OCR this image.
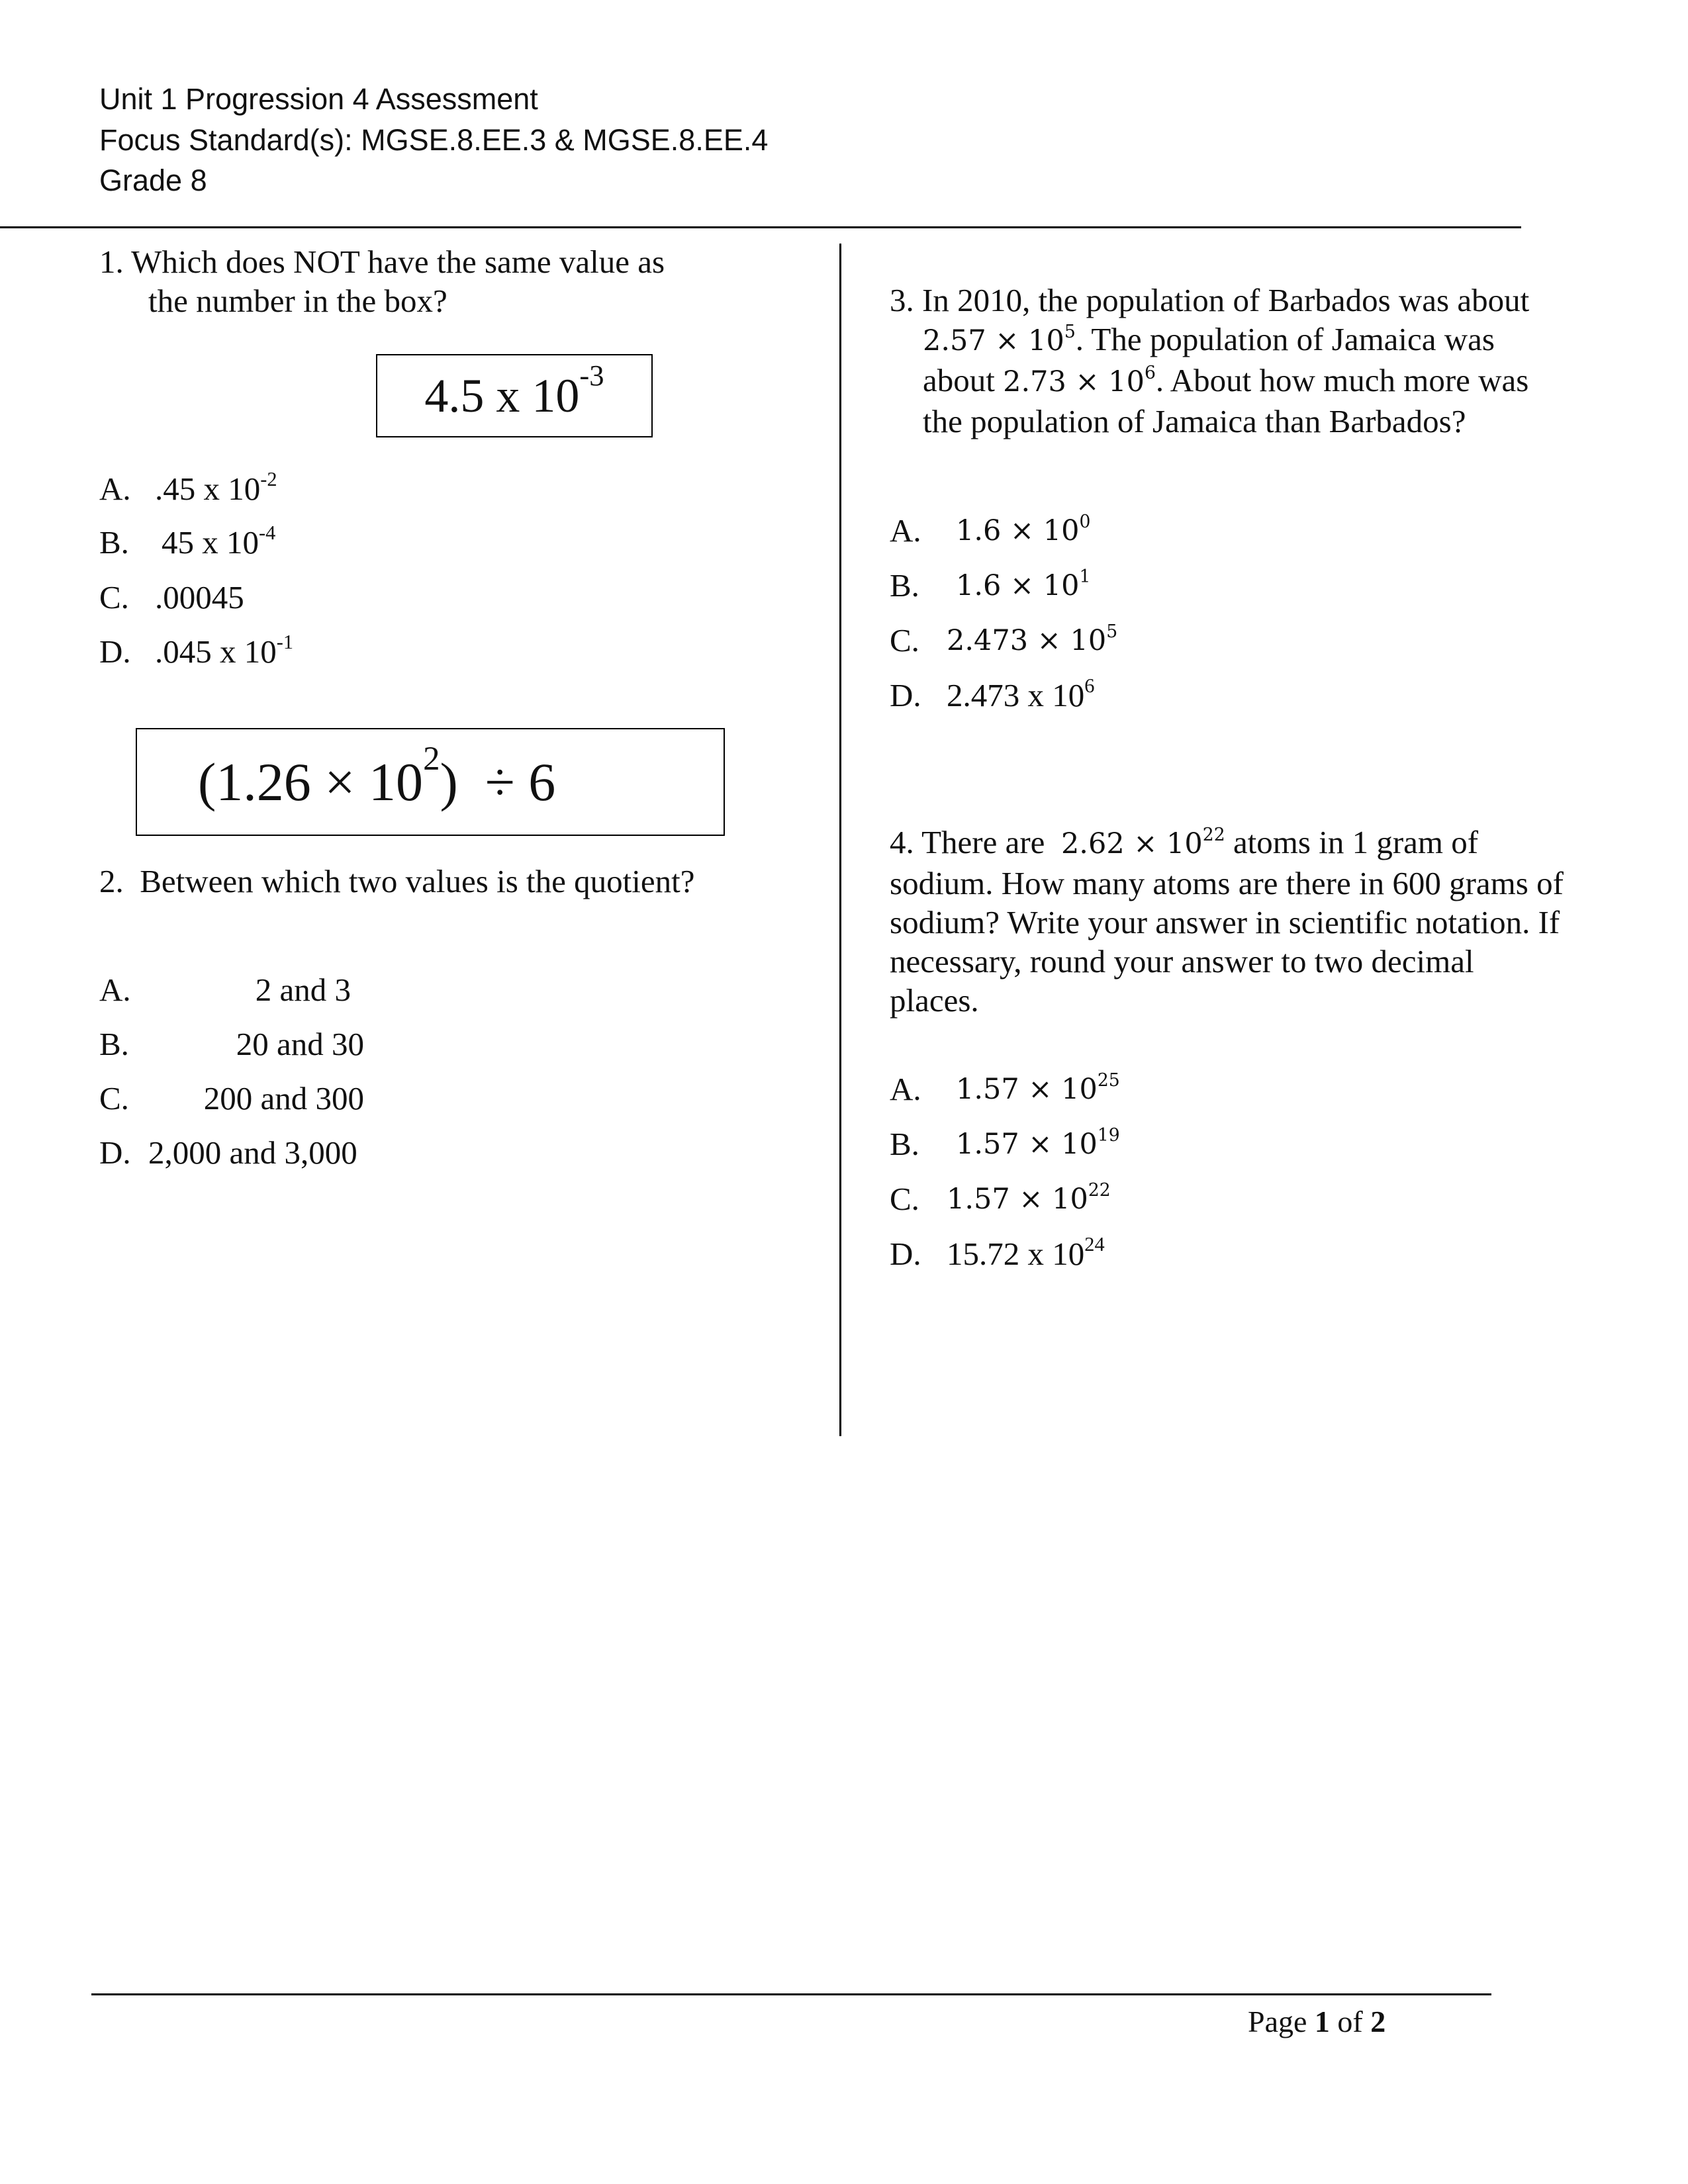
Unit 1 Progression 4 Assessment
Focus Standard(s): MGSE.8.EE.3 & MGSE.8.EE.4
Grade 8
1. Which does NOT have the same value as
the number in the box?
4.5 x $10^{-3}$
A. .45 x $10^{-2}$
B. 45 x $10^{-4}$
C. .00045
D. .045 x $10^{-1}$
($1.26 \times 10^2$ )  ÷ 6
2. Between which two values is the quotient?
A.	2 and 3
B.	20 and 30
C. 200 and 300
D. 2,000 and 3,000
3. In 2010, the population of Barbados was about
$2.57 \times 10^5$. The population of Jamaica was
about $2.73 \times 10^6$. About how much more was
the population of Jamaica than Barbados?
A. $1.6 \times 10^0$
B. $1.6 \times 10^1$
C. $2.473 \times 10^5$
D. 2.473 x $10^6$
4. There are $2.62 \times 10^{22}$ atoms in 1 gram of
sodium. How many atoms are there in 600 grams of
sodium? Write your answer in scientific notation. If
necessary, round your answer to two decimal
places.
A. $1.57 \times 10^{25}$
B. $1.57 \times 10^{19}$
C. $1.57 \times 10^{22}$
D. 15.72 x $10^{24}$
Page 1 of 2
